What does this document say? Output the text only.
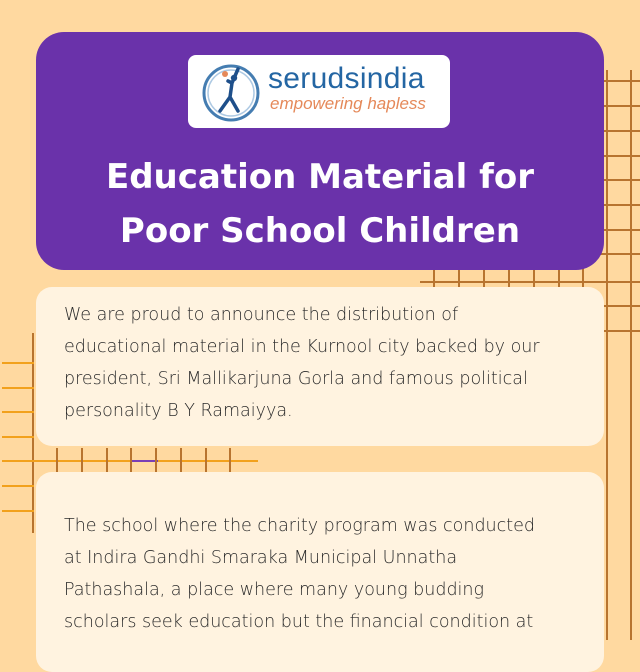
serudsindia
empowering hapless
Education Material for
Poor School Children
We are proud to announce the distribution of
educational material in the Kurnool city backed by our
president, Sri Mallikarjuna Gorla and famous political
personality B Y Ramaiyya.
The school where the charity program was conducted
at Indira Gandhi Smaraka Municipal Unnatha
Pathashala, a place where many young budding
scholars seek education but the financial condition at
